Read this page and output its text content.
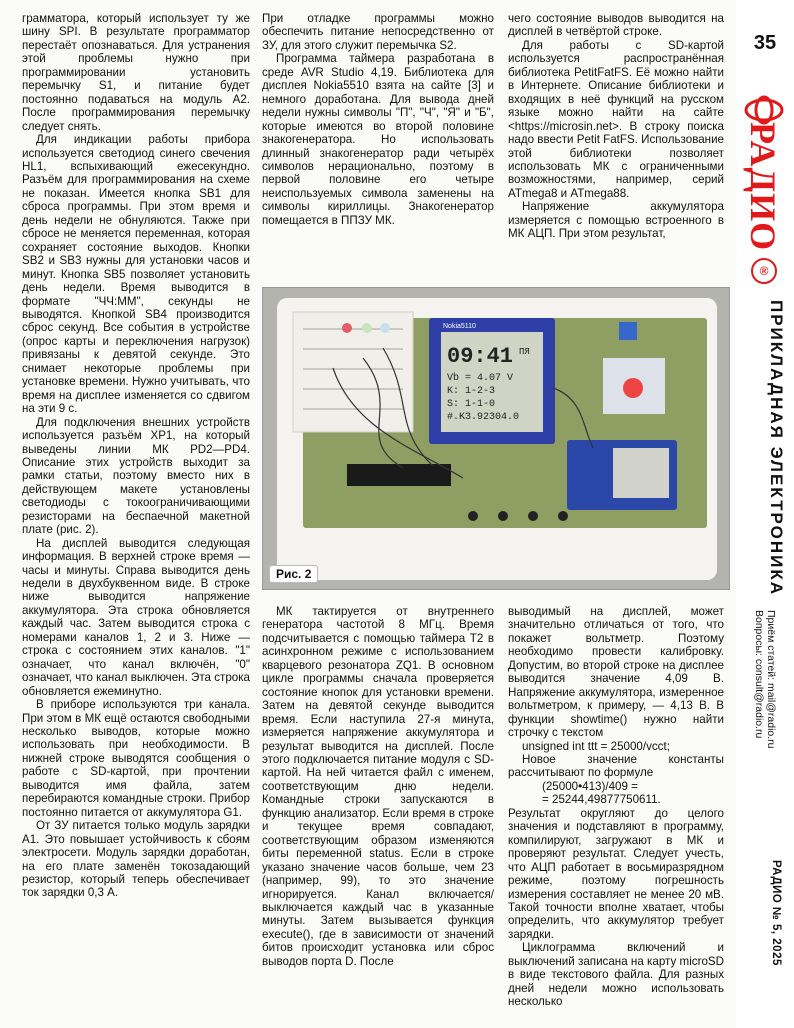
грамматора, который использует ту же шину SPI. В результате программатор перестаёт опознаваться. Для устранения этой проблемы нужно при программировании установить перемычку S1, и питание будет постоянно подаваться на модуль А2. После программирования перемычку следует снять.

Для индикации работы прибора используется светодиод синего свечения HL1, вспыхивающий ежесекундно. Разъём для программирования на схеме не показан. Имеется кнопка SB1 для сброса программы. При этом время и день недели не обнуляются. Также при сбросе не меняется переменная, которая сохраняет состояние выходов. Кнопки SB2 и SB3 нужны для установки часов и минут. Кнопка SB5 позволяет установить день недели. Время выводится в формате "ЧЧ:ММ", секунды не выводятся. Кнопкой SB4 производится сброс секунд. Все события в устройстве (опрос карты и переключения нагрузок) привязаны к девятой секунде. Это снимает некоторые проблемы при установке времени. Нужно учитывать, что время на дисплее изменяется со сдвигом на эти 9 с.

Для подключения внешних устройств используется разъём XP1, на который выведены линии МК PD2—PD4. Описание этих устройств выходит за рамки статьи, поэтому вместо них в действующем макете установлены светодиоды с токоограничивающими резисторами на беспаечной макетной плате (рис. 2).

На дисплей выводится следующая информация. В верхней строке время — часы и минуты. Справа выводится день недели в двухбуквенном виде. В строке ниже выводится напряжение аккумулятора. Эта строка обновляется каждый час. Затем выводится строка с номерами каналов 1, 2 и 3. Ниже — строка с состоянием этих каналов. "1" означает, что канал включён, "0" означает, что канал выключен. Эта строка обновляется ежеминутно.

В приборе используются три канала. При этом в МК ещё остаются свободными несколько выводов, которые можно использовать при необходимости. В нижней строке выводятся сообщения о работе с SD-картой, при прочтении выводится имя файла, затем перебираются командные строки. Прибор постоянно питается от аккумулятора G1.

От ЗУ питается только модуль зарядки А1. Это повышает устойчивость к сбоям электросети. Модуль зарядки доработан, на его плате заменён токозадающий резистор, который теперь обеспечивает ток зарядки 0,3 А.

При отладке программы можно обеспечить питание непосредственно от ЗУ, для этого служит перемычка S2.

Программа таймера разработана в среде AVR Studio 4,19. Библиотека для дисплея Nokia5510 взята на сайте [3] и немного доработана. Для вывода дней недели нужны символы "П", "Ч", "Я" и "Б", которые имеются во второй половине знакогенератора. Но использовать длинный знакогенератор ради четырёх символов нерационально, поэтому в первой половине его четыре неиспользуемых символа заменены на символы кириллицы. Знакогенератор помещается в ППЗУ МК.

чего состояние выводов выводится на дисплей в четвёртой строке.

Для работы с SD-картой используется распространённая библиотека PetitFatFS. Её можно найти в Интернете. Описание библиотеки и входящих в неё функций на русском языке можно найти на сайте <https://microsin.net>. В строку поиска надо ввести Petit FatFS. Использование этой библиотеки позволяет использовать МК с ограниченными возможностями, например, серий ATmega8 и ATmega88.

Напряжение аккумулятора измеряется с помощью встроенного в МК АЦП. При этом результат,

Nokia5110
09:41 ПЯ
Vb = 4.07 V
K: 1-2-3
S: 1-1-0
#.K3.92304.0
Рис. 2

МК тактируется от внутреннего генератора частотой 8 МГц. Время подсчитывается с помощью таймера Т2 в асинхронном режиме с использованием кварцевого резонатора ZQ1. В основном цикле программы сначала проверяется состояние кнопок для установки времени. Затем на девятой секунде выводится время. Если наступила 27-я минута, измеряется напряжение аккумулятора и результат выводится на дисплей. После этого подключается питание модуля с SD-картой. На ней читается файл с именем, соответствующим дню недели. Командные строки запускаются в функцию анализатор. Если время в строке и текущее время совпадают, соответствующим образом изменяются биты переменной status. Если в строке указано значение часов больше, чем 23 (например, 99), то это значение игнорируется. Канал включается/выключается каждый час в указанные минуты. Затем вызывается функция execute(), где в зависимости от значений битов происходит установка или сброс выводов порта D. После

выводимый на дисплей, может значительно отличаться от того, что покажет вольтметр. Поэтому необходимо провести калибровку. Допустим, во второй строке на дисплее выводится значение 4,09 В. Напряжение аккумулятора, измеренное вольтметром, к примеру, — 4,13 В. В функции showtime() нужно найти строчку с текстом

unsigned int ttt = 25000/vcct;

Новое значение константы рассчитывают по формуле

(25000•413)/409 =

= 25244,49877750611.

Результат округляют до целого значения и подставляют в программу, компилируют, загружают в МК и проверяют результат. Следует учесть, что АЦП работает в восьмиразрядном режиме, поэтому погрешность измерения составляет не менее 20 мВ. Такой точности вполне хватает, чтобы определить, что аккумулятор требует зарядки.

Циклограмма включений и выключений записана на карту microSD в виде текстового файла. Для разных дней недели можно использовать несколько

35
РАДИО
®
ПРИКЛАДНАЯ ЭЛЕКТРОНИКА
Приём статей: mail@radio.ru
Вопросы: consult@radio.ru
РАДИО № 5, 2025
